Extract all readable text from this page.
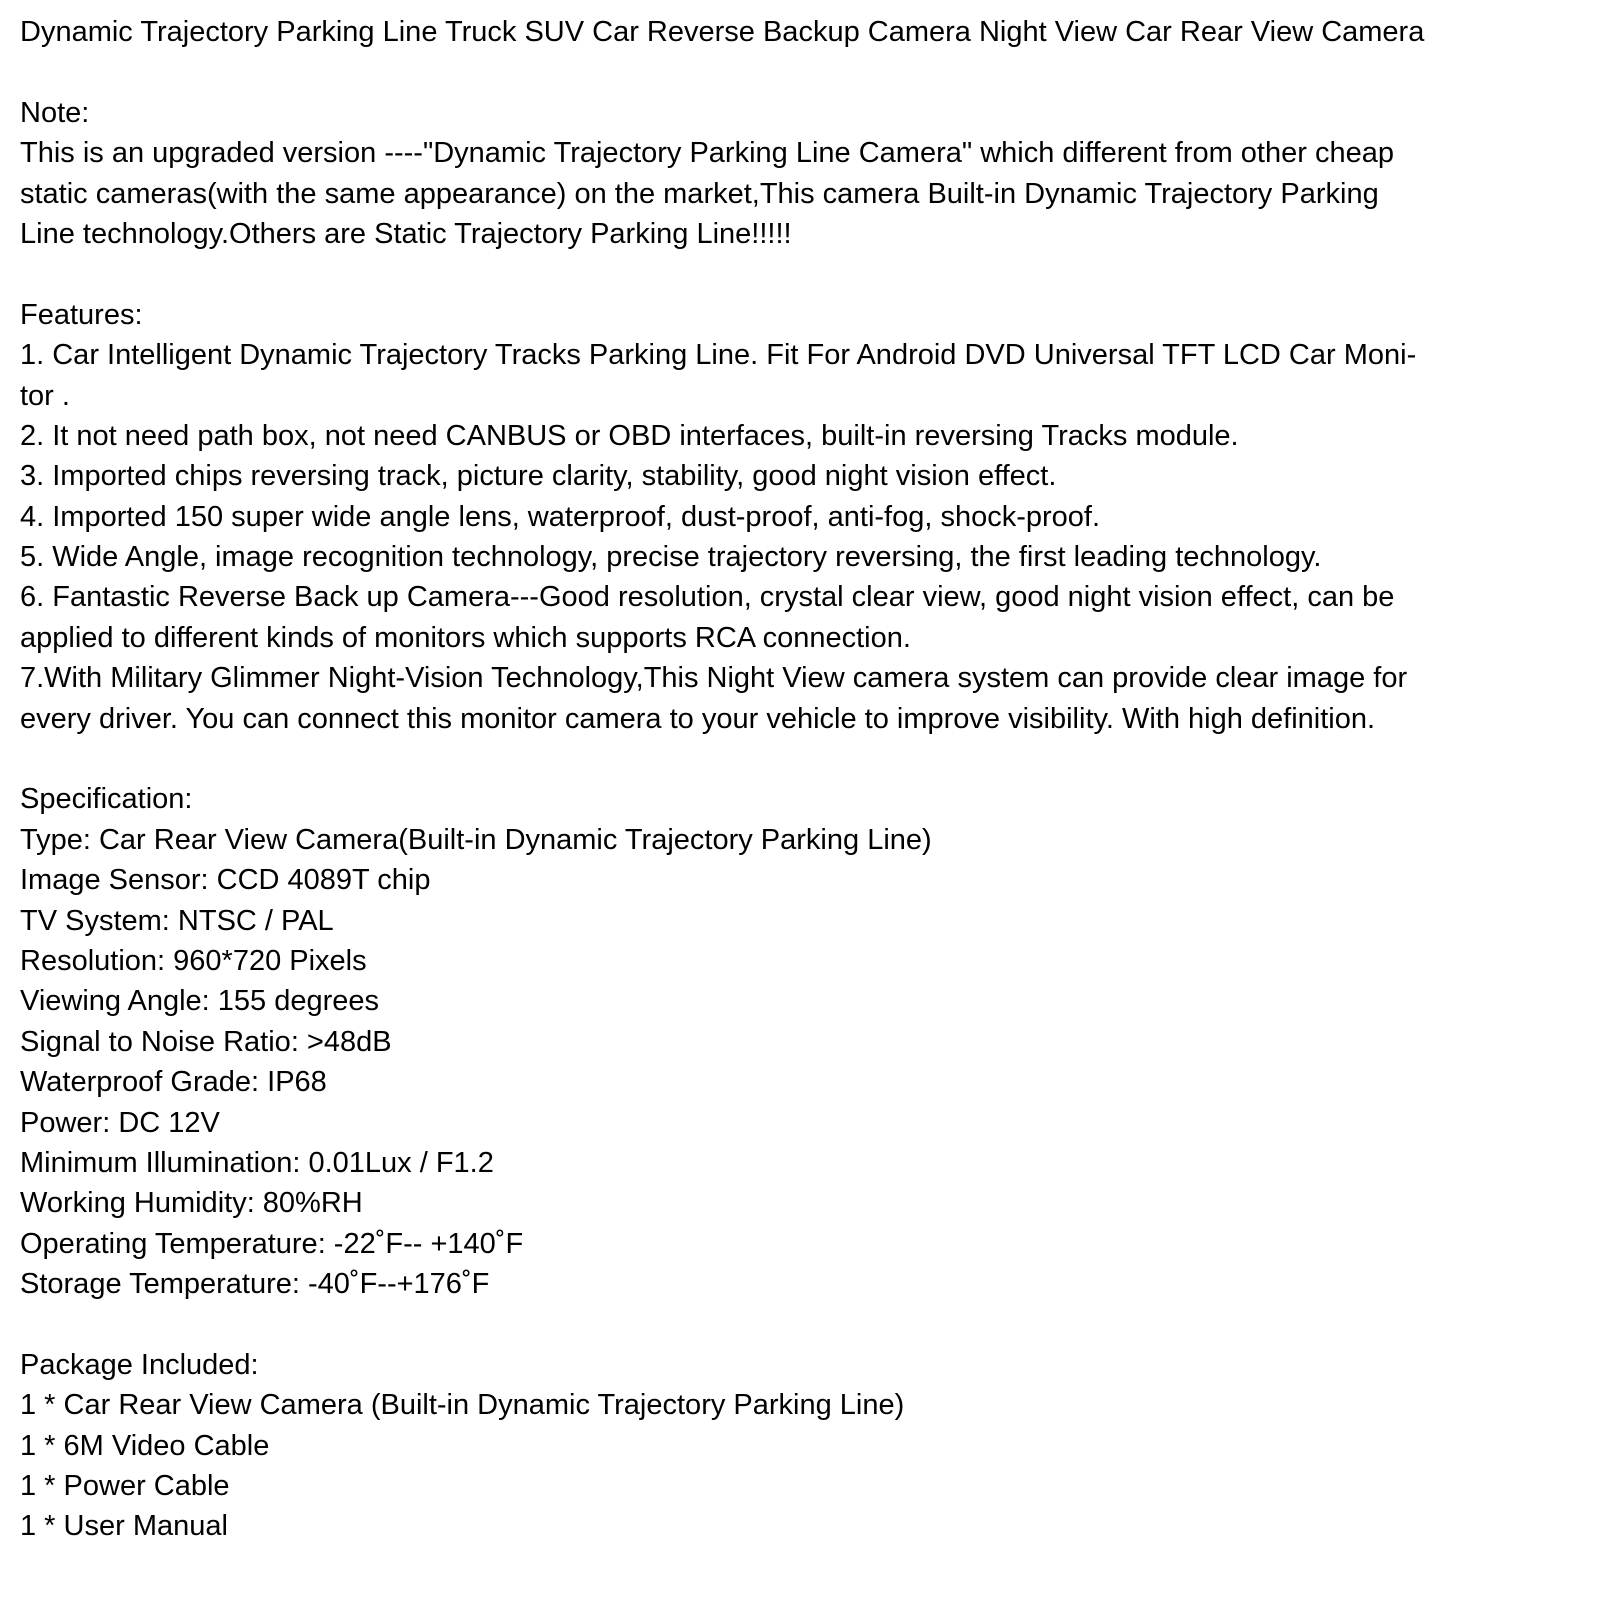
Dynamic Trajectory Parking Line Truck SUV Car Reverse Backup Camera Night View Car Rear View Camera
Note:
This is an upgraded version ----"Dynamic Trajectory Parking Line Camera" which different from other cheap
static cameras(with the same appearance) on the market,This camera Built-in Dynamic Trajectory Parking
Line technology.Others are Static Trajectory Parking Line!!!!!
Features:
1. Car Intelligent Dynamic Trajectory Tracks Parking Line. Fit For Android DVD Universal TFT LCD Car Moni-
tor .
2. It not need path box, not need CANBUS or OBD interfaces, built-in reversing Tracks module.
3. Imported chips reversing track, picture clarity, stability, good night vision effect.
4. Imported 150 super wide angle lens, waterproof, dust-proof, anti-fog, shock-proof.
5. Wide Angle, image recognition technology, precise trajectory reversing, the first leading technology.
6. Fantastic Reverse Back up Camera---Good resolution, crystal clear view, good night vision effect, can be
applied to different kinds of monitors which supports RCA connection.
7.With Military Glimmer Night-Vision Technology,This Night View camera system can provide clear image for
every driver. You can connect this monitor camera to your vehicle to improve visibility. With high definition.
Specification:
Type: Car Rear View Camera(Built-in Dynamic Trajectory Parking Line)
Image Sensor: CCD 4089T chip
TV System: NTSC / PAL
Resolution: 960*720 Pixels
Viewing Angle: 155 degrees
Signal to Noise Ratio: >48dB
Waterproof Grade: IP68
Power: DC 12V
Minimum Illumination: 0.01Lux / F1.2
Working Humidity: 80%RH
Operating Temperature: -22˚F-- +140˚F
Storage Temperature: -40˚F--+176˚F
Package Included:
1 * Car Rear View Camera (Built-in Dynamic Trajectory Parking Line)
1 * 6M Video Cable
1 * Power Cable
1 * User Manual
